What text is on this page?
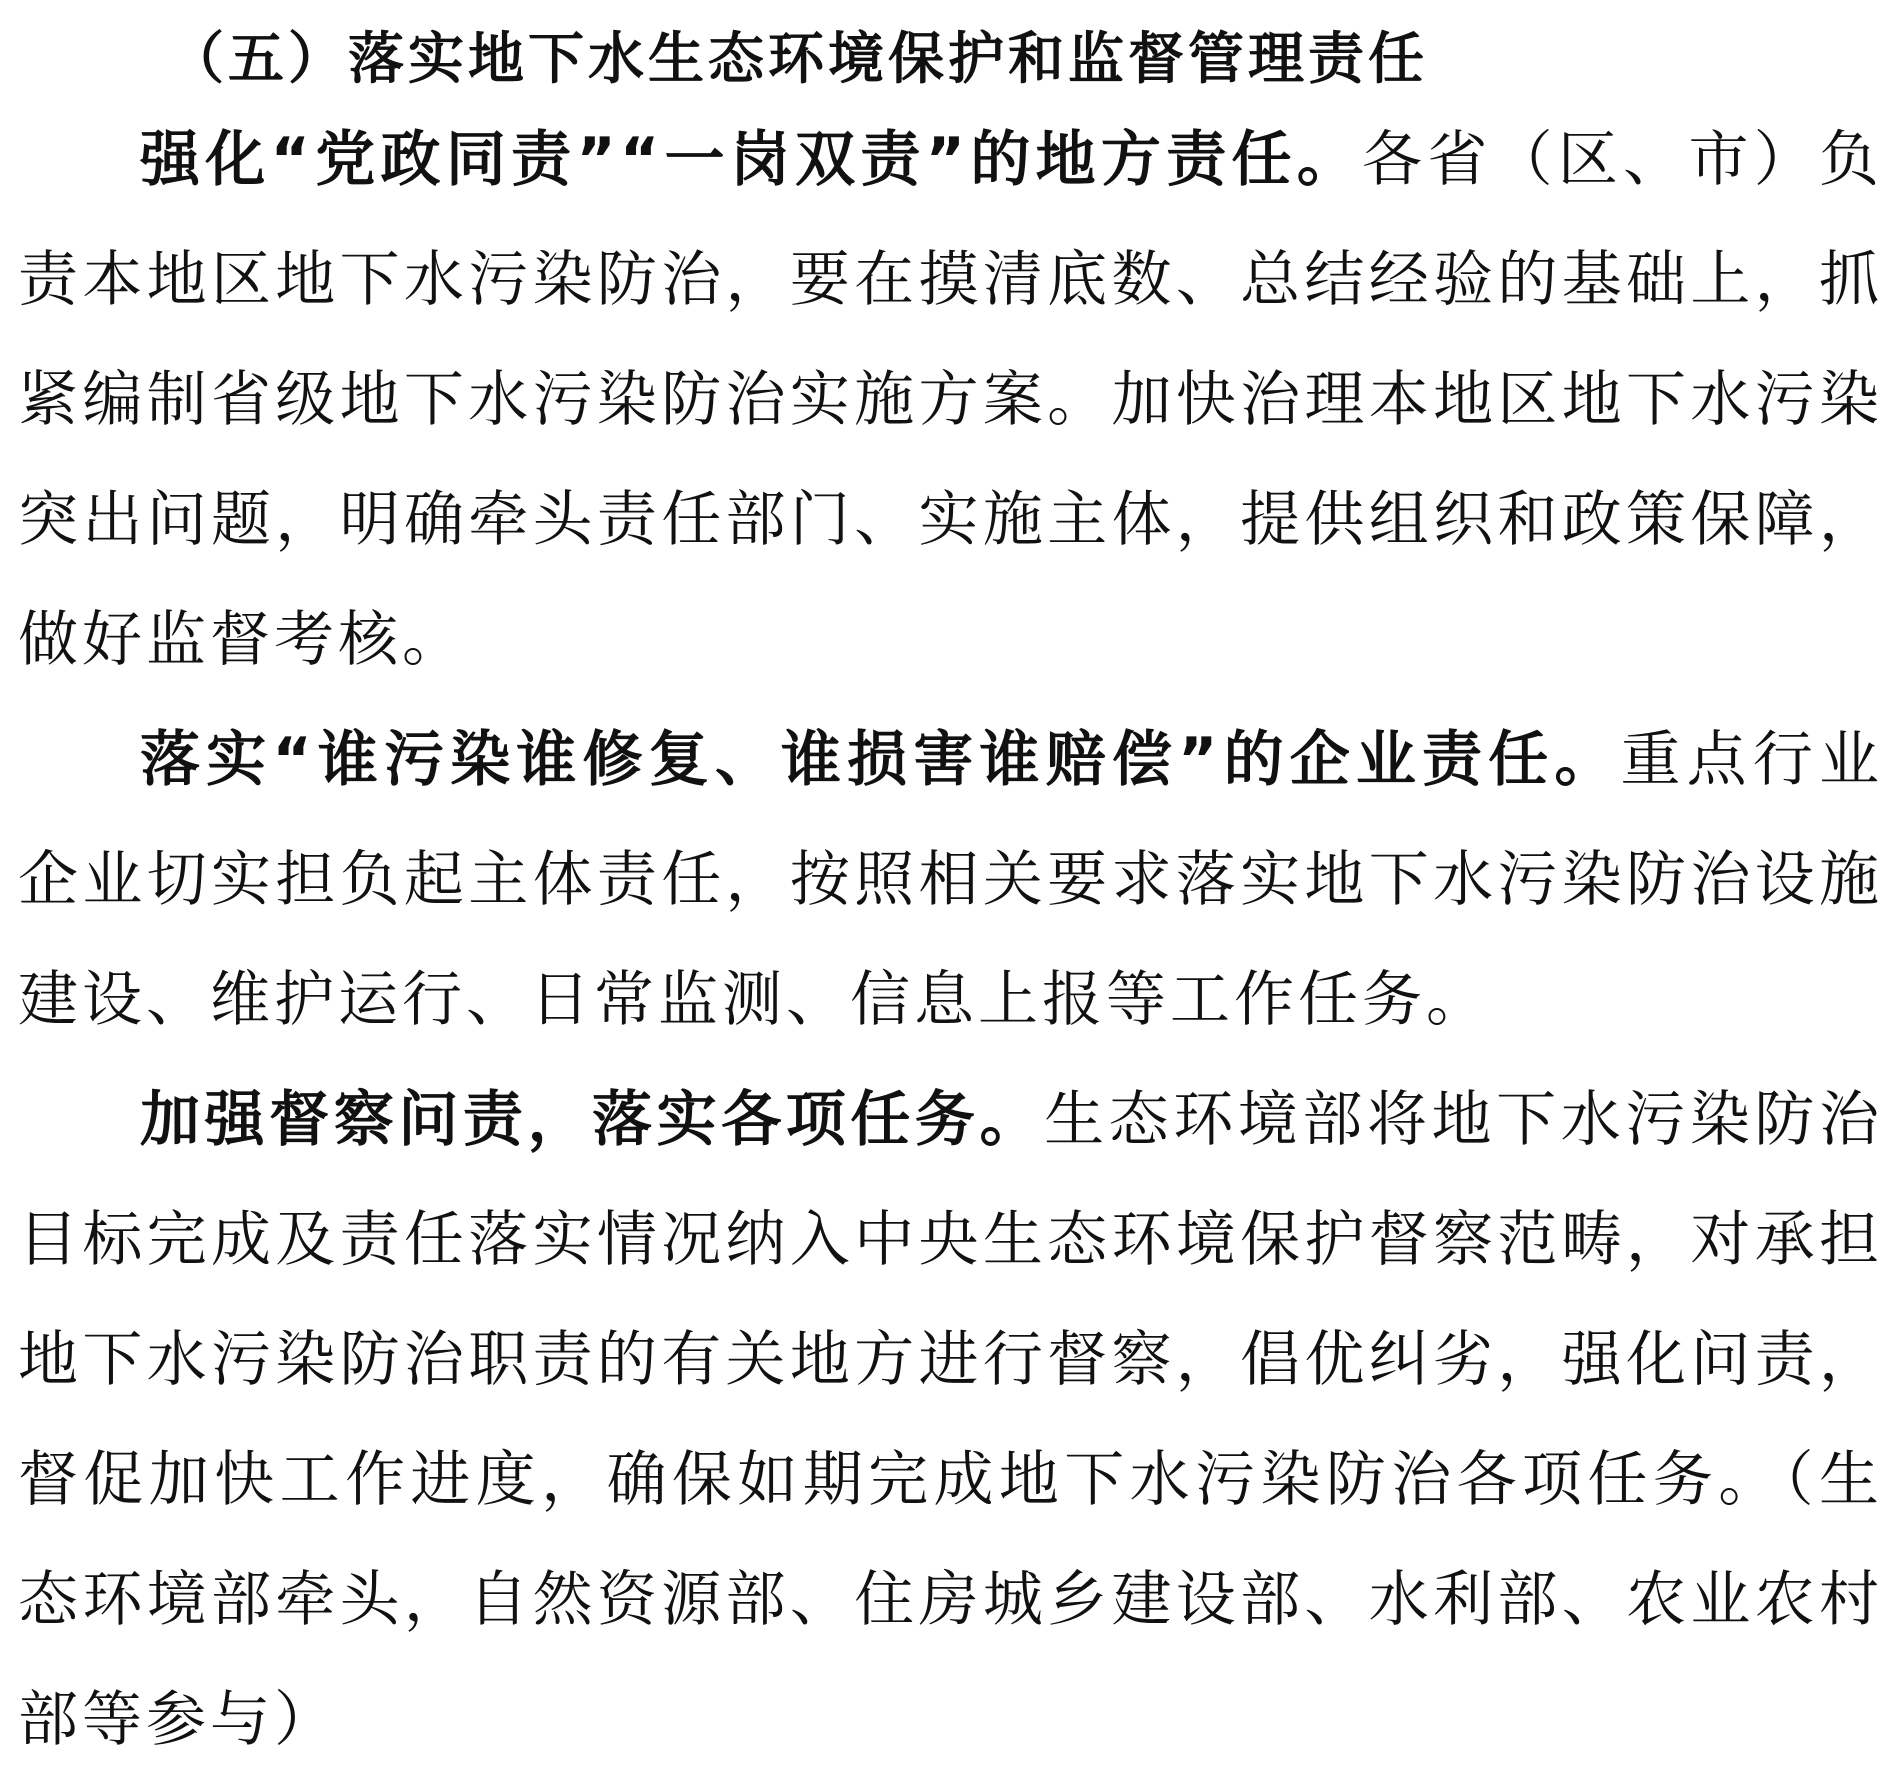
（五）落实地下水生态环境保护和监督管理责任

强化“党政同责”“一岗双责”的地方责任。各省（区、市）负责本地区地下水污染防治，要在摸清底数、总结经验的基础上，抓紧编制省级地下水污染防治实施方案。加快治理本地区地下水污染突出问题，明确牵头责任部门、实施主体，提供组织和政策保障，做好监督考核。

落实“谁污染谁修复、谁损害谁赔偿”的企业责任。重点行业企业切实担负起主体责任，按照相关要求落实地下水污染防治设施建设、维护运行、日常监测、信息上报等工作任务。

加强督察问责，落实各项任务。生态环境部将地下水污染防治目标完成及责任落实情况纳入中央生态环境保护督察范畴，对承担地下水污染防治职责的有关地方进行督察，倡优纠劣，强化问责，督促加快工作进度，确保如期完成地下水污染防治各项任务。（生态环境部牵头，自然资源部、住房城乡建设部、水利部、农业农村部等参与）
